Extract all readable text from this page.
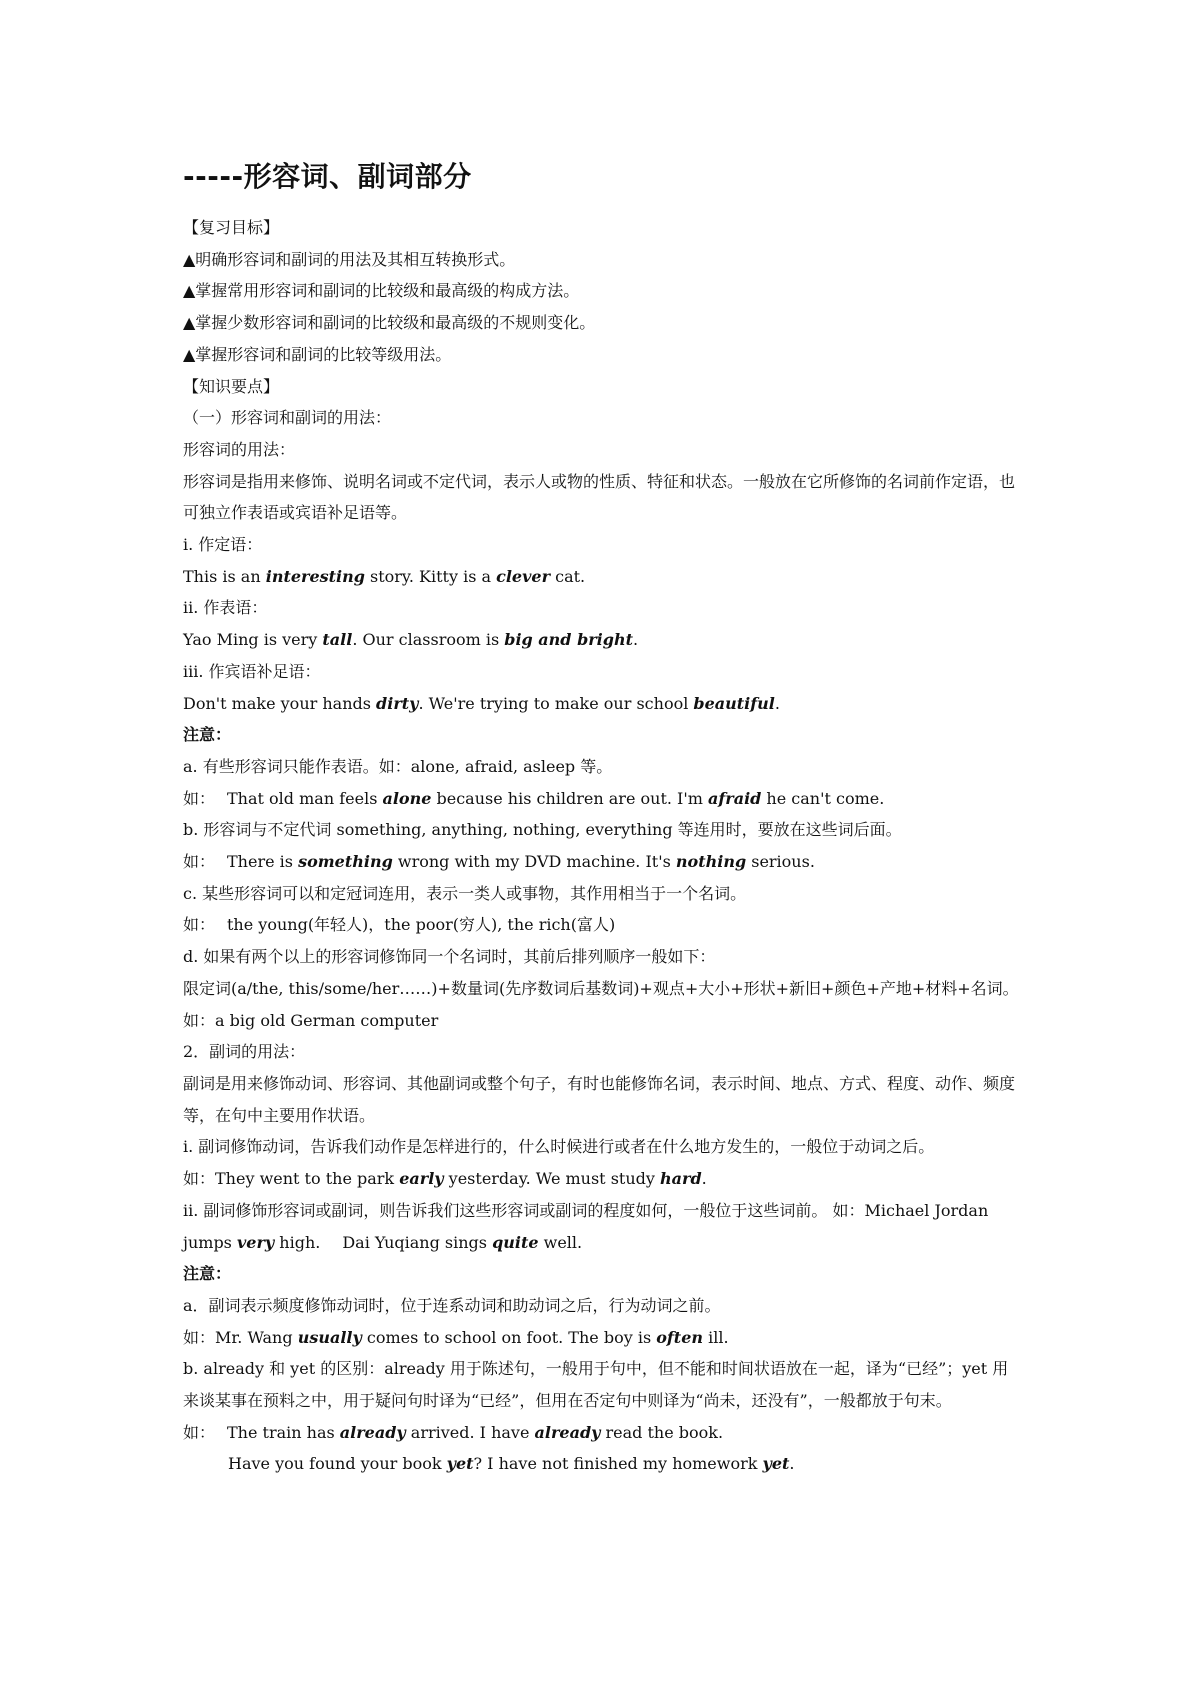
-----形容词、副词部分
【复习目标】
▲明确形容词和副词的用法及其相互转换形式。
▲掌握常用形容词和副词的比较级和最高级的构成方法。
▲掌握少数形容词和副词的比较级和最高级的不规则变化。
▲掌握形容词和副词的比较等级用法。
【知识要点】
（一）形容词和副词的用法：
形容词的用法：
形容词是指用来修饰、说明名词或不定代词，表示人或物的性质、特征和状态。一般放在它所修饰的名词前作定语，也可独立作表语或宾语补足语等。
i. 作定语：
This is an interesting story. Kitty is a clever cat.
ii. 作表语：
Yao Ming is very tall. Our classroom is big and bright.
iii. 作宾语补足语：
Don't make your hands dirty. We're trying to make our school beautiful.
注意：
a. 有些形容词只能作表语。如：alone, afraid, asleep 等。
如： That old man feels alone because his children are out. I'm afraid he can't come.
b. 形容词与不定代词 something, anything, nothing, everything 等连用时，要放在这些词后面。
如： There is something wrong with my DVD machine. It's nothing serious.
c. 某些形容词可以和定冠词连用，表示一类人或事物，其作用相当于一个名词。
如： the young(年轻人)，the poor(穷人), the rich(富人)
d. 如果有两个以上的形容词修饰同一个名词时，其前后排列顺序一般如下：
限定词(a/the, this/some/her……)+数量词(先序数词后基数词)+观点+大小+形状+新旧+颜色+产地+材料+名词。
如：a big old German computer
2．副词的用法：
副词是用来修饰动词、形容词、其他副词或整个句子，有时也能修饰名词，表示时间、地点、方式、程度、动作、频度等，在句中主要用作状语。
i. 副词修饰动词，告诉我们动作是怎样进行的，什么时候进行或者在什么地方发生的，一般位于动词之后。
如：They went to the park early yesterday. We must study hard.
ii. 副词修饰形容词或副词，则告诉我们这些形容词或副词的程度如何，一般位于这些词前。 如：Michael Jordan jumps very high. Dai Yuqiang sings quite well.
注意：
a．副词表示频度修饰动词时，位于连系动词和助动词之后，行为动词之前。
如：Mr. Wang usually comes to school on foot. The boy is often ill.
b. already 和 yet 的区别：already 用于陈述句，一般用于句中，但不能和时间状语放在一起，译为“已经”；yet 用来谈某事在预料之中，用于疑问句时译为“已经”，但用在否定句中则译为“尚未，还没有”，一般都放于句末。
如： The train has already arrived. I have already read the book.
Have you found your book yet? I have not finished my homework yet.
